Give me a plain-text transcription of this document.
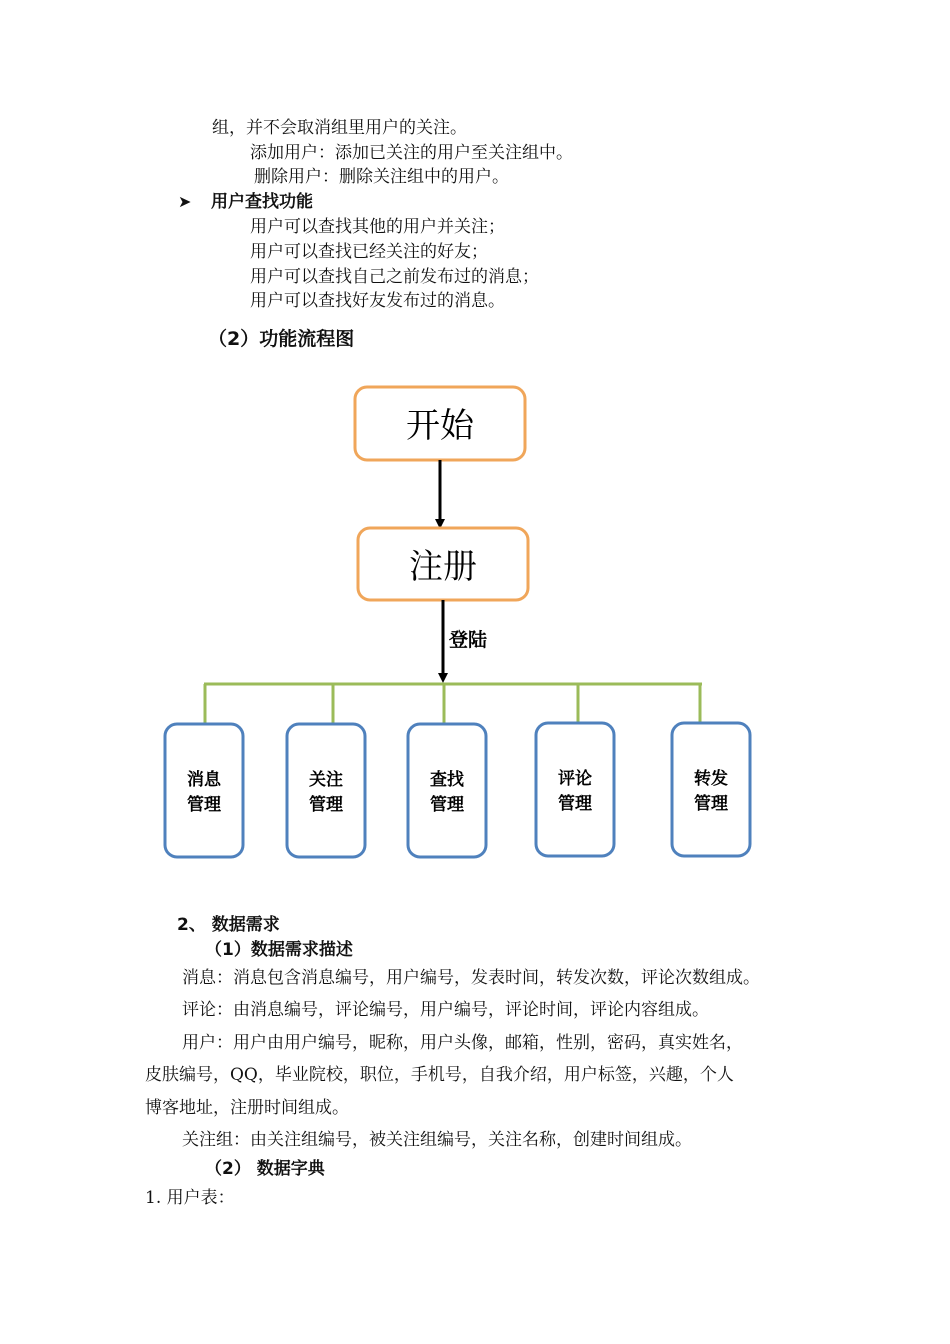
组，并不会取消组里用户的关注。
添加用户：添加已关注的用户至关注组中。
删除用户：删除关注组中的用户。
➤ 用户查找功能
用户可以查找其他的用户并关注；
用户可以查找已经关注的好友；
用户可以查找自己之前发布过的消息；
用户可以查找好友发布过的消息。
（2）功能流程图
开始
注册
登陆
消息
管理
关注
管理
查找
管理
评论
管理
转发
管理
2、 数据需求
（1）数据需求描述
消息：消息包含消息编号，用户编号，发表时间，转发次数，评论次数组成。
评论：由消息编号，评论编号，用户编号，评论时间，评论内容组成。
用户：用户由用户编号，昵称，用户头像，邮箱，性别，密码，真实姓名，
皮肤编号，QQ，毕业院校，职位，手机号，自我介绍，用户标签，兴趣，个人
博客地址，注册时间组成。
关注组：由关注组编号，被关注组编号，关注名称，创建时间组成。
（2） 数据字典
1. 用户表：
